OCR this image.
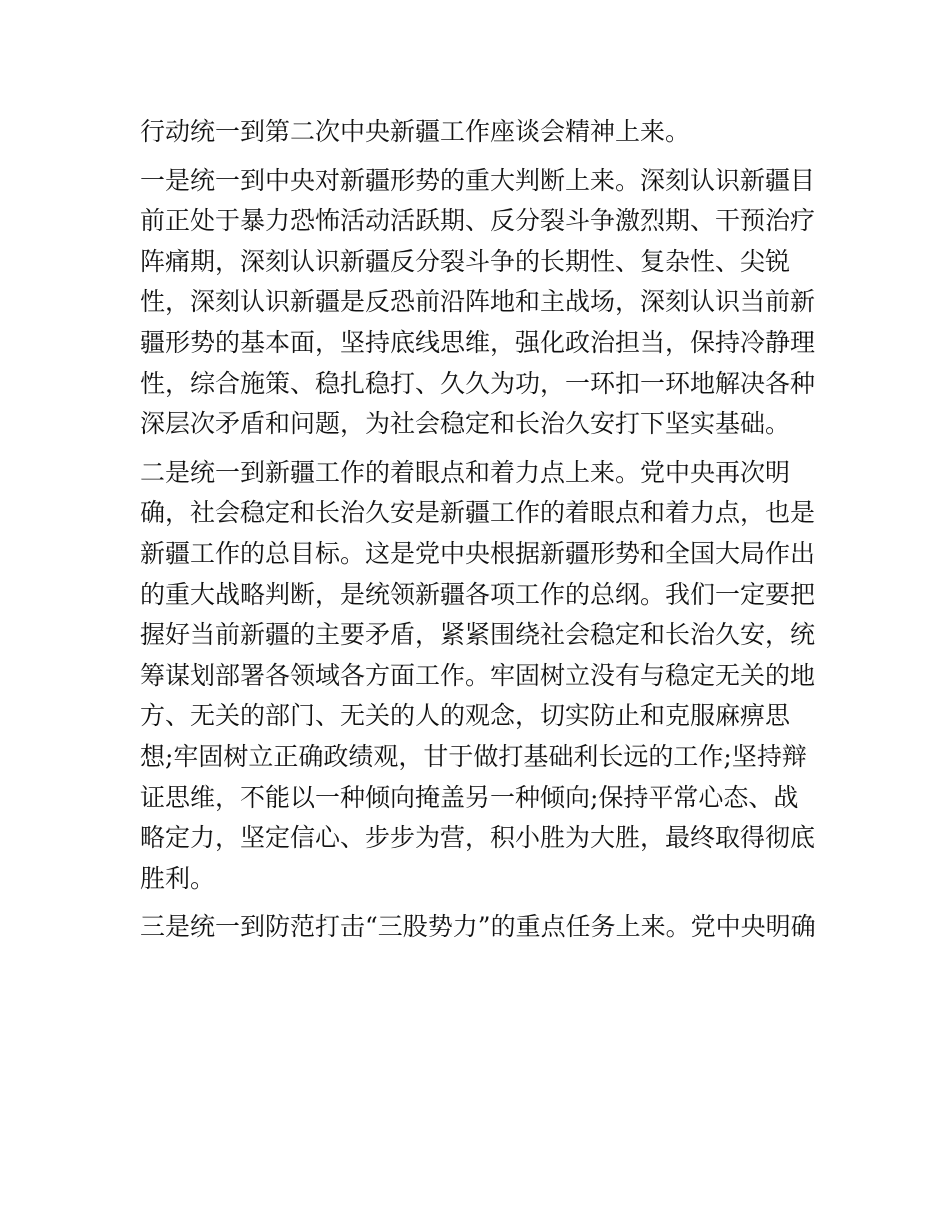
行动统一到第二次中央新疆工作座谈会精神上来。
一是统一到中央对新疆形势的重大判断上来。深刻认识新疆目
前正处于暴力恐怖活动活跃期、反分裂斗争激烈期、干预治疗
阵痛期，深刻认识新疆反分裂斗争的长期性、复杂性、尖锐
性，深刻认识新疆是反恐前沿阵地和主战场，深刻认识当前新
疆形势的基本面，坚持底线思维，强化政治担当，保持冷静理
性，综合施策、稳扎稳打、久久为功，一环扣一环地解决各种
深层次矛盾和问题，为社会稳定和长治久安打下坚实基础。
二是统一到新疆工作的着眼点和着力点上来。党中央再次明
确，社会稳定和长治久安是新疆工作的着眼点和着力点，也是
新疆工作的总目标。这是党中央根据新疆形势和全国大局作出
的重大战略判断，是统领新疆各项工作的总纲。我们一定要把
握好当前新疆的主要矛盾，紧紧围绕社会稳定和长治久安，统
筹谋划部署各领域各方面工作。牢固树立没有与稳定无关的地
方、无关的部门、无关的人的观念，切实防止和克服麻痹思
想;牢固树立正确政绩观，甘于做打基础利长远的工作;坚持辩
证思维，不能以一种倾向掩盖另一种倾向;保持平常心态、战
略定力，坚定信心、步步为营，积小胜为大胜，最终取得彻底
胜利。
三是统一到防范打击“三股势力”的重点任务上来。党中央明确
